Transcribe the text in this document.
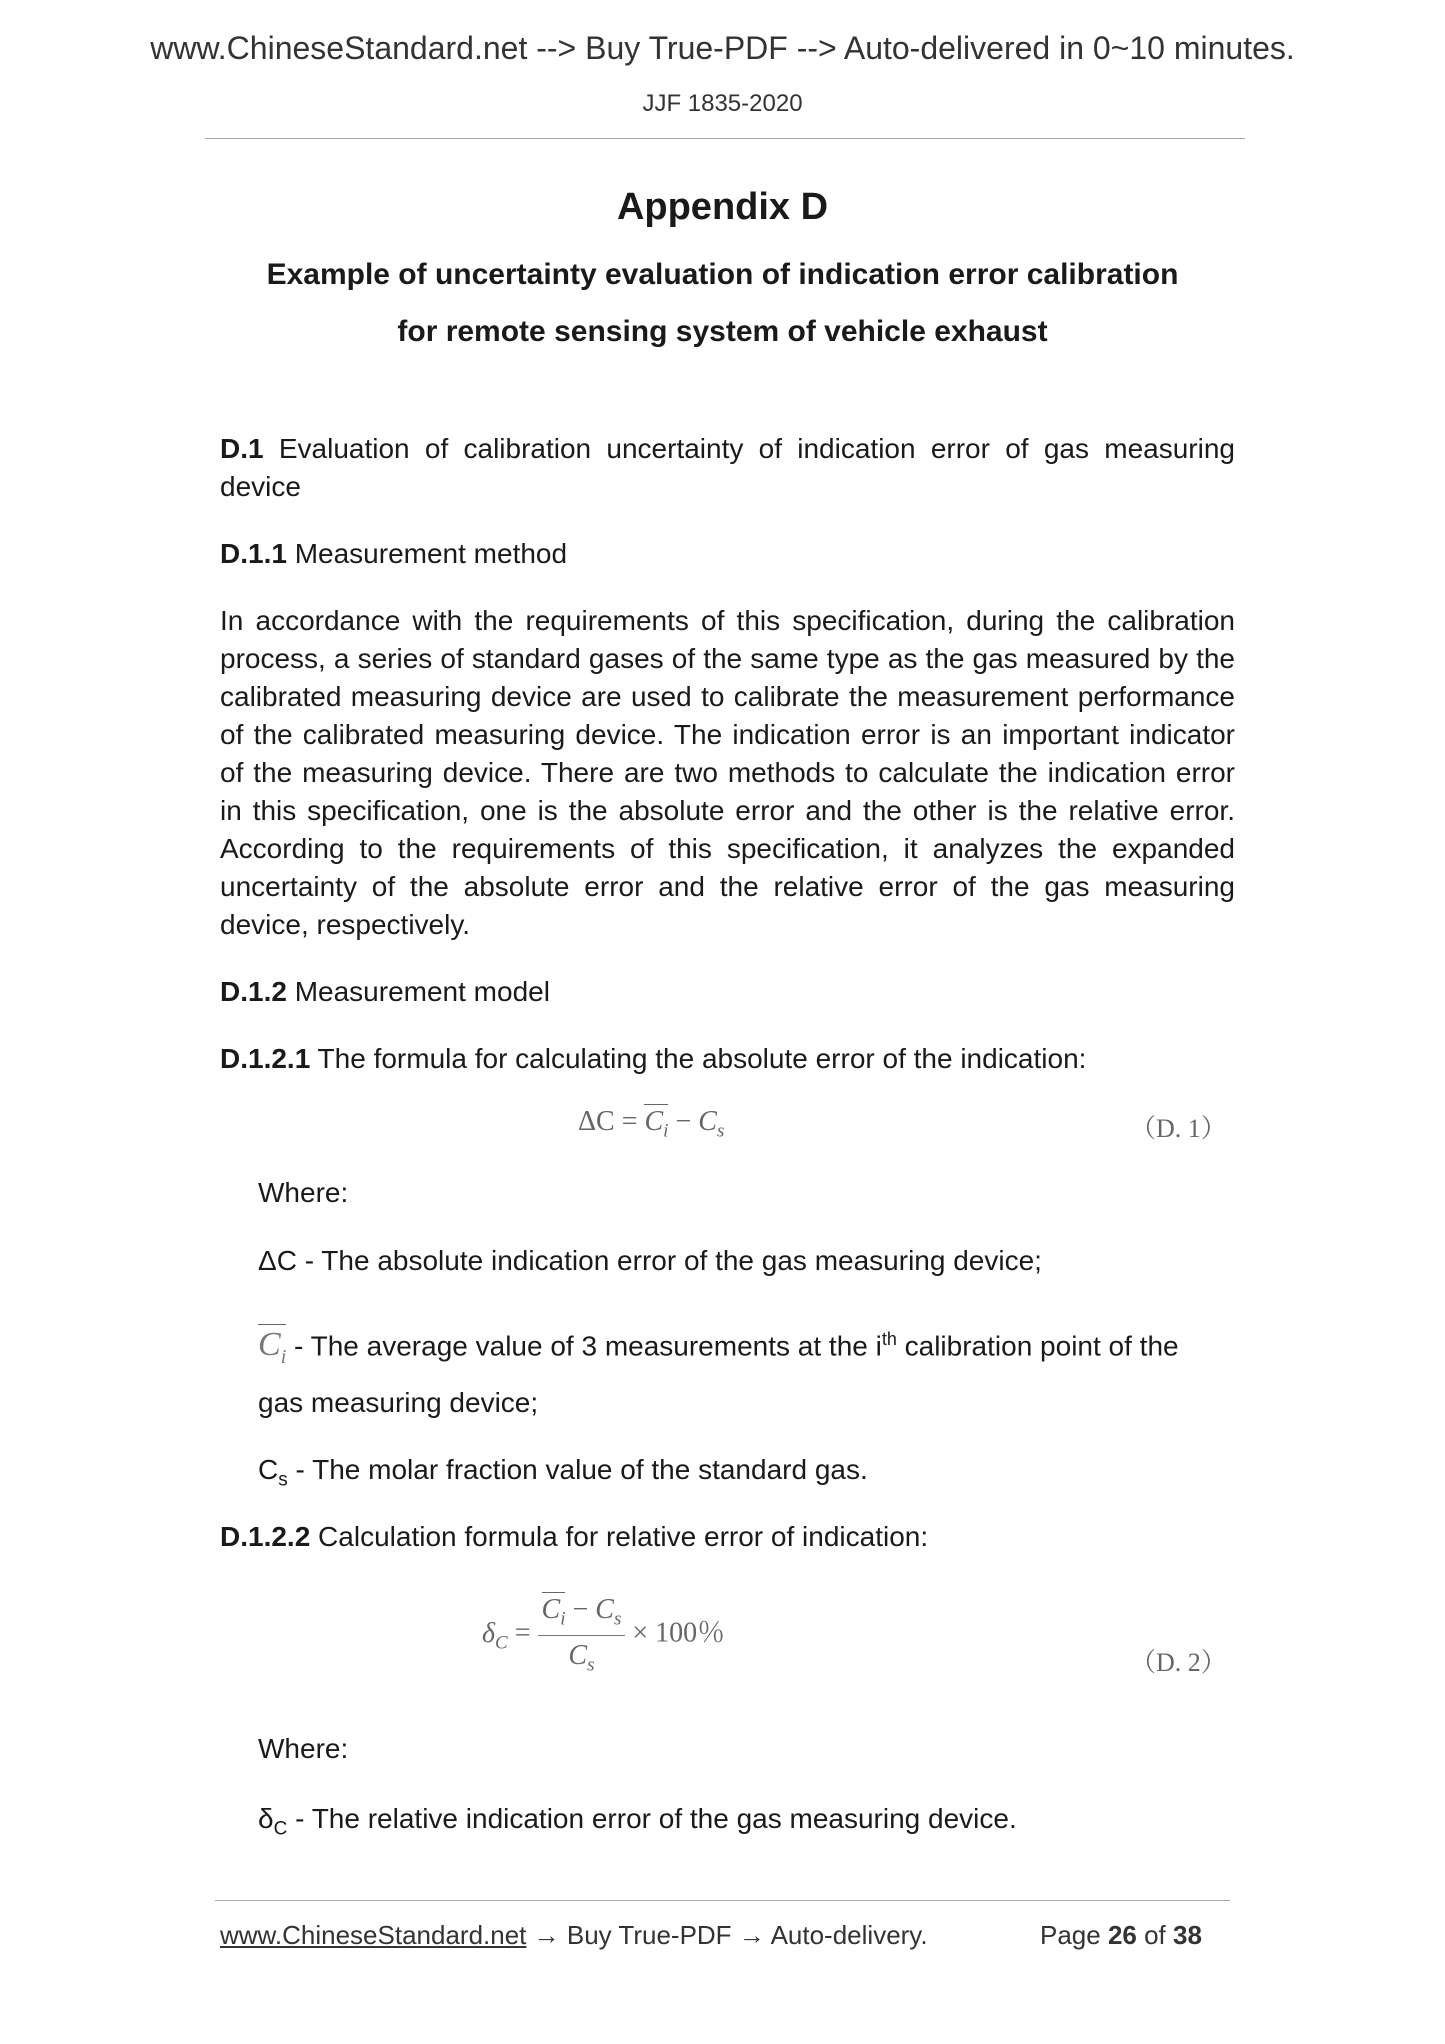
www.ChineseStandard.net --> Buy True-PDF --> Auto-delivered in 0~10 minutes.
JJF 1835-2020
Appendix D
Example of uncertainty evaluation of indication error calibration
for remote sensing system of vehicle exhaust
D.1 Evaluation of calibration uncertainty of indication error of gas measuring device
D.1.1 Measurement method
In accordance with the requirements of this specification, during the calibration process, a series of standard gases of the same type as the gas measured by the calibrated measuring device are used to calibrate the measurement performance of the calibrated measuring device. The indication error is an important indicator of the measuring device. There are two methods to calculate the indication error in this specification, one is the absolute error and the other is the relative error. According to the requirements of this specification, it analyzes the expanded uncertainty of the absolute error and the relative error of the gas measuring device, respectively.
D.1.2 Measurement model
D.1.2.1 The formula for calculating the absolute error of the indication:
$\Delta C = C_i - C_s$	（D. 1）
Where:
ΔC - The absolute indication error of the gas measuring device;
$C_i$ - The average value of 3 measurements at the $i^{th}$ calibration point of the
gas measuring device;
$C_s$ - The molar fraction value of the standard gas.
D.1.2.2 Calculation formula for relative error of indication:
$\delta_C = \frac{C_i - C_s}{C_s} \times 100$％
（D. 2）
Where:
$\delta_C$ - The relative indication error of the gas measuring device.
www.ChineseStandard.net → Buy True-PDF → Auto-delivery.	Page 26 of 38
